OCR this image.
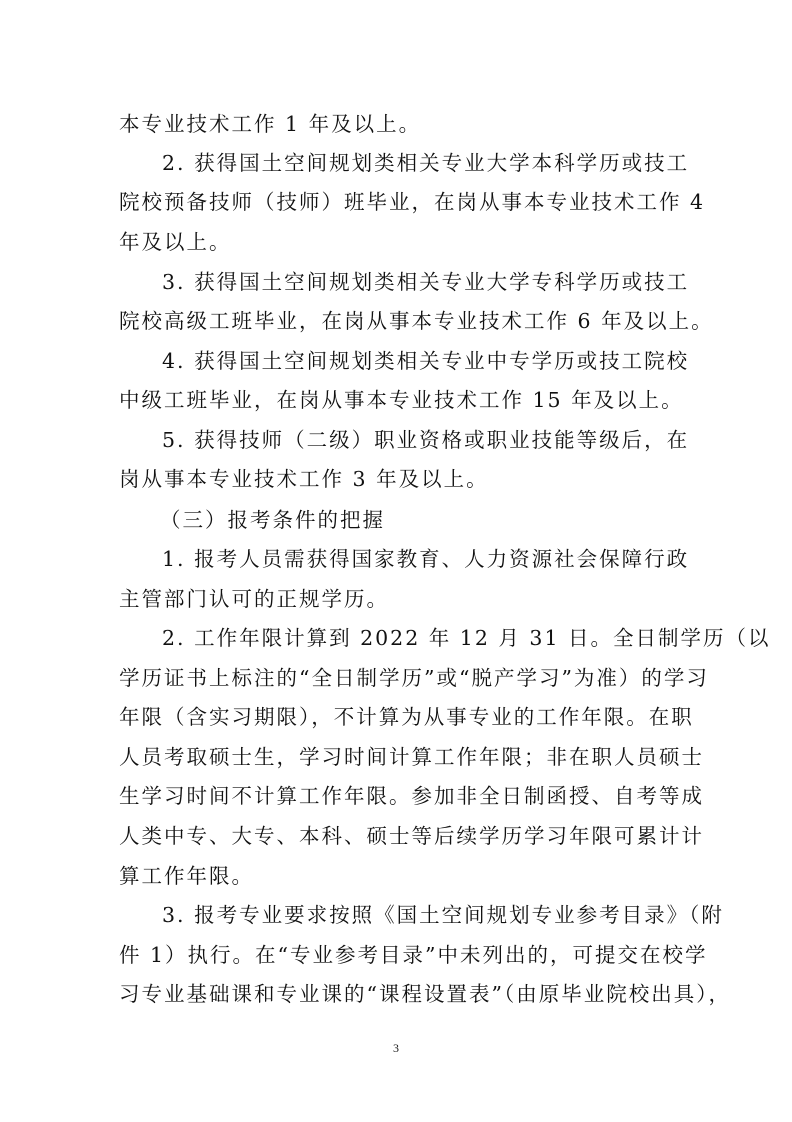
本专业技术工作 1 年及以上。
2. 获得国土空间规划类相关专业大学本科学历或技工
院校预备技师（技师）班毕业，在岗从事本专业技术工作 4
年及以上。
3. 获得国土空间规划类相关专业大学专科学历或技工
院校高级工班毕业，在岗从事本专业技术工作 6 年及以上。
4. 获得国土空间规划类相关专业中专学历或技工院校
中级工班毕业，在岗从事本专业技术工作 15 年及以上。
5. 获得技师（二级）职业资格或职业技能等级后，在
岗从事本专业技术工作 3 年及以上。
（三）报考条件的把握
1. 报考人员需获得国家教育、人力资源社会保障行政
主管部门认可的正规学历。
2. 工作年限计算到 2022 年 12 月 31 日。全日制学历（以
学历证书上标注的“全日制学历”或“脱产学习”为准）的学习
年限（含实习期限），不计算为从事专业的工作年限。在职
人员考取硕士生，学习时间计算工作年限；非在职人员硕士
生学习时间不计算工作年限。参加非全日制函授、自考等成
人类中专、大专、本科、硕士等后续学历学习年限可累计计
算工作年限。
3. 报考专业要求按照《国土空间规划专业参考目录》（附
件 1）执行。在“专业参考目录”中未列出的，可提交在校学
习专业基础课和专业课的“课程设置表”（由原毕业院校出具），
3
